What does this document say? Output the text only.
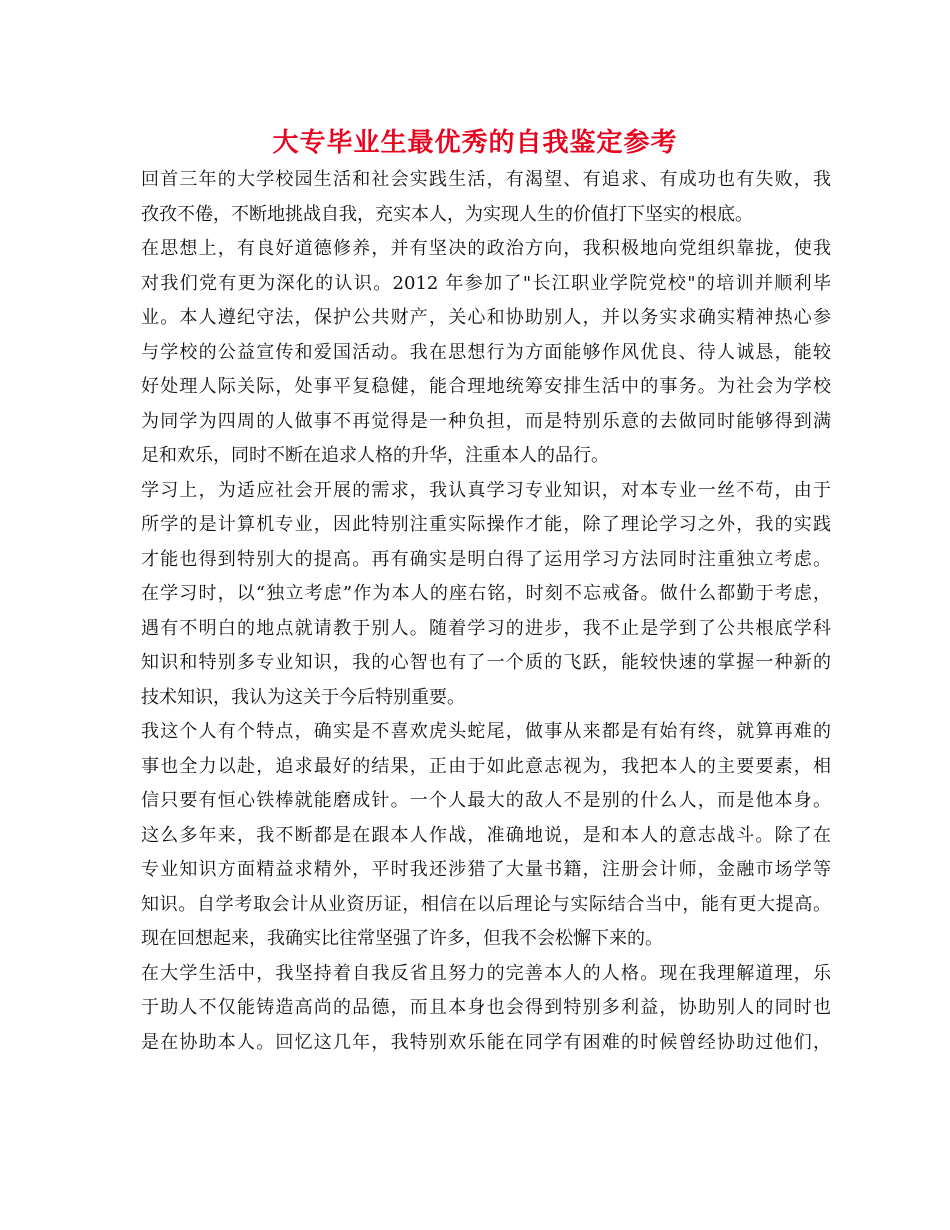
大专毕业生最优秀的自我鉴定参考
回首三年的大学校园生活和社会实践生活，有渴望、有追求、有成功也有失败，我
孜孜不倦，不断地挑战自我，充实本人，为实现人生的价值打下坚实的根底。
在思想上，有良好道德修养，并有坚决的政治方向，我积极地向党组织靠拢，使我
对我们党有更为深化的认识。2012 年参加了"长江职业学院党校"的培训并顺利毕
业。本人遵纪守法，保护公共财产，关心和协助别人，并以务实求确实精神热心参
与学校的公益宣传和爱国活动。我在思想行为方面能够作风优良、待人诚恳，能较
好处理人际关际，处事平复稳健，能合理地统筹安排生活中的事务。为社会为学校
为同学为四周的人做事不再觉得是一种负担，而是特别乐意的去做同时能够得到满
足和欢乐，同时不断在追求人格的升华，注重本人的品行。
学习上，为适应社会开展的需求，我认真学习专业知识，对本专业一丝不苟，由于
所学的是计算机专业，因此特别注重实际操作才能，除了理论学习之外，我的实践
才能也得到特别大的提高。再有确实是明白得了运用学习方法同时注重独立考虑。
在学习时，以“独立考虑”作为本人的座右铭，时刻不忘戒备。做什么都勤于考虑，
遇有不明白的地点就请教于别人。随着学习的进步，我不止是学到了公共根底学科
知识和特别多专业知识，我的心智也有了一个质的飞跃，能较快速的掌握一种新的
技术知识，我认为这关于今后特别重要。
我这个人有个特点，确实是不喜欢虎头蛇尾，做事从来都是有始有终，就算再难的
事也全力以赴，追求最好的结果，正由于如此意志视为，我把本人的主要要素，相
信只要有恒心铁棒就能磨成针。一个人最大的敌人不是别的什么人，而是他本身。
这么多年来，我不断都是在跟本人作战，准确地说，是和本人的意志战斗。除了在
专业知识方面精益求精外，平时我还涉猎了大量书籍，注册会计师，金融市场学等
知识。自学考取会计从业资历证，相信在以后理论与实际结合当中，能有更大提高。
现在回想起来，我确实比往常坚强了许多，但我不会松懈下来的。
在大学生活中，我坚持着自我反省且努力的完善本人的人格。现在我理解道理，乐
于助人不仅能铸造高尚的品德，而且本身也会得到特别多利益，协助别人的同时也
是在协助本人。回忆这几年，我特别欢乐能在同学有困难的时候曾经协助过他们，
